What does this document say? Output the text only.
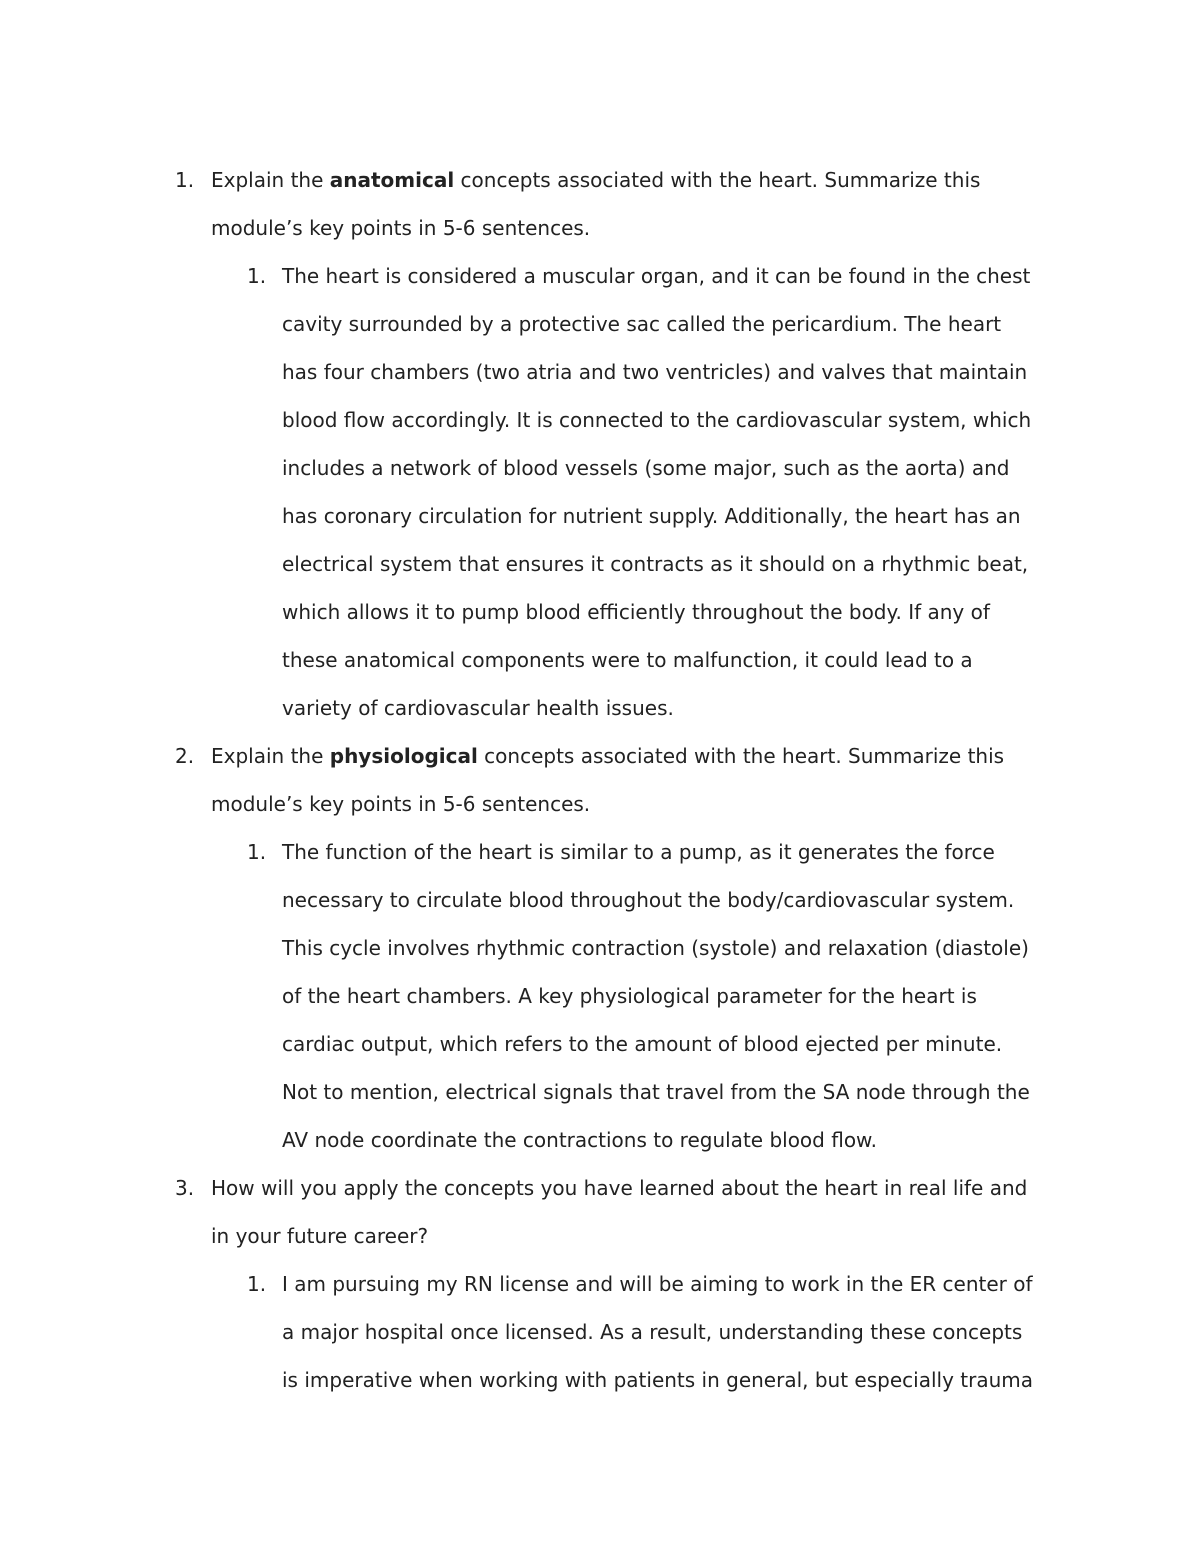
1. Explain the anatomical concepts associated with the heart. Summarize this
module’s key points in 5-6 sentences.
1. The heart is considered a muscular organ, and it can be found in the chest
cavity surrounded by a protective sac called the pericardium. The heart
has four chambers (two atria and two ventricles) and valves that maintain
blood flow accordingly. It is connected to the cardiovascular system, which
includes a network of blood vessels (some major, such as the aorta) and
has coronary circulation for nutrient supply. Additionally, the heart has an
electrical system that ensures it contracts as it should on a rhythmic beat,
which allows it to pump blood efficiently throughout the body. If any of
these anatomical components were to malfunction, it could lead to a
variety of cardiovascular health issues.
2. Explain the physiological concepts associated with the heart. Summarize this
module’s key points in 5-6 sentences.
1. The function of the heart is similar to a pump, as it generates the force
necessary to circulate blood throughout the body/cardiovascular system.
This cycle involves rhythmic contraction (systole) and relaxation (diastole)
of the heart chambers. A key physiological parameter for the heart is
cardiac output, which refers to the amount of blood ejected per minute.
Not to mention, electrical signals that travel from the SA node through the
AV node coordinate the contractions to regulate blood flow.
3. How will you apply the concepts you have learned about the heart in real life and
in your future career?
1. I am pursuing my RN license and will be aiming to work in the ER center of
a major hospital once licensed. As a result, understanding these concepts
is imperative when working with patients in general, but especially trauma
